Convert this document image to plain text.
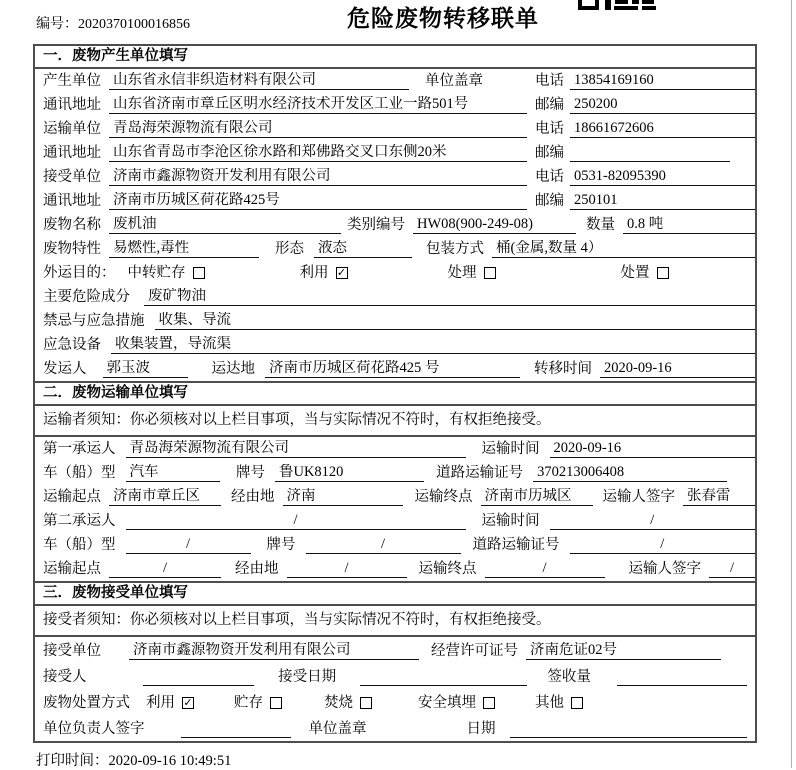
编号：2020370100016856	危险废物转移联单
一．废物产生单位填写
产生单位 山东省永信非织造材料有限公司	单位盖章	电话 13854169160
通讯地址 山东省济南市章丘区明水经济技术开发区工业一路501号	邮编 250200
运输单位 青岛海荣源物流有限公司	电话 18661672606
通讯地址 山东省青岛市李沧区徐水路和郑佛路交叉口东侧20米	邮编
接受单位 济南市鑫源物资开发利用有限公司	电话 0531-82095390
通讯地址 济南市历城区荷花路425号	邮编 250101
废物名称 废机油	类别编号 HW08(900-249-08)	数量 0.8 吨
废物特性 易燃性,毒性	形态 液态	包装方式 桶(金属,数量 4）
外运目的： 中转贮存	利用 ✓	处理	处置
主要危险成分 废矿物油
禁忌与应急措施 收集、导流
应急设备 收集装置，导流渠
发运人 郭玉波	运达地 济南市历城区荷花路425 号	转移时间 2020-09-16
二．废物运输单位填写
运输者须知：你必须核对以上栏目事项，当与实际情况不符时，有权拒绝接受。
第一承运人 青岛海荣源物流有限公司	运输时间 2020-09-16
车（船）型 汽车	牌号 鲁UK8120	道路运输证号 370213006408
运输起点 济南市章丘区	经由地 济南	运输终点 济南市历城区	运输人签字 张春雷
第二承运人	/	运输时间	/
车（船）型	/	牌号	/	道路运输证号	/
运输起点	/	经由地	/	运输终点	/	运输人签字	/
三．废物接受单位填写
接受者须知：你必须核对以上栏目事项，当与实际情况不符时，有权拒绝接受。
接受单位 济南市鑫源物资开发利用有限公司	经营许可证号 济南危证02号
接受人	接受日期	签收量
废物处置方式 利用 ✓	贮存	焚烧	安全填埋	其他
单位负责人签字	单位盖章	日期
打印时间：2020-09-16 10:49:51
